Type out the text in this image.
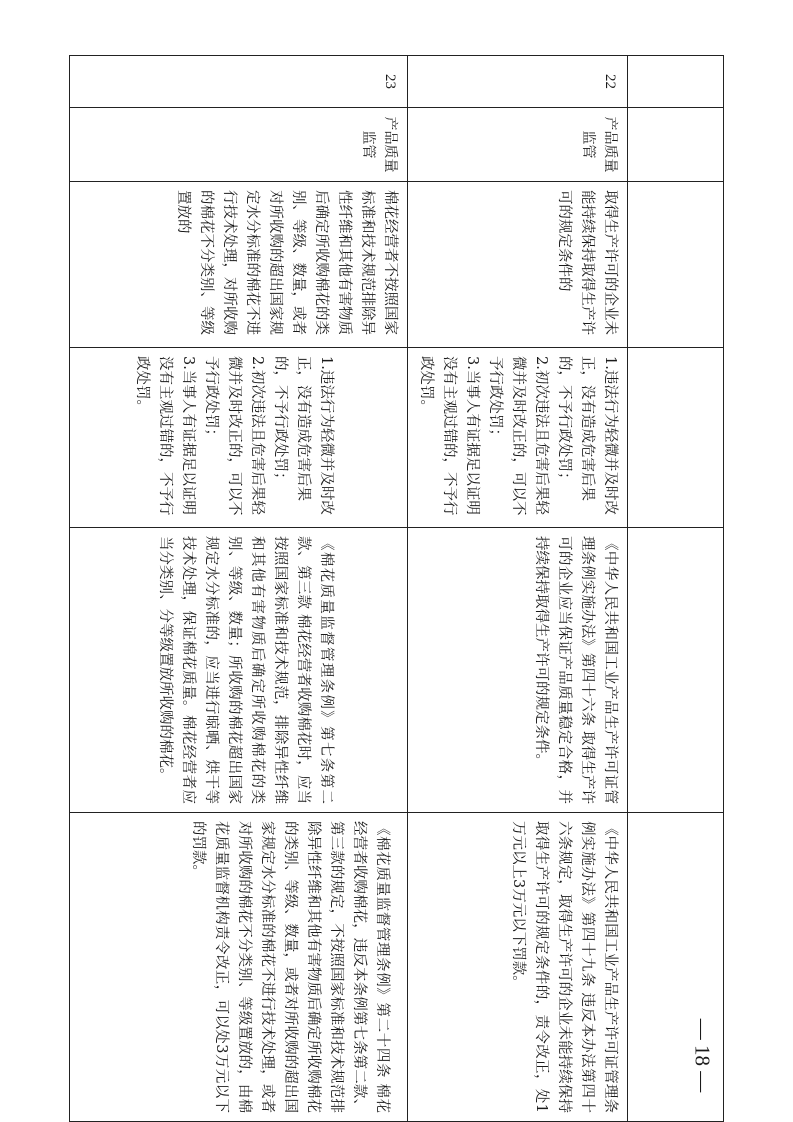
22	产品质量监管	取得生产许可的企业未能持续保持取得生产许可的规定条件的	1.违法行为轻微并及时改正，没有造成危害后果的，不予行政处罚；
2.初次违法且危害后果轻微并及时改正的，可以不予行政处罚；
3.当事人有证据足以证明没有主观过错的，不予行政处罚。	《中华人民共和国工业产品生产许可证管理条例实施办法》第四十六条 取得生产许可的企业应当保证产品质量稳定合格，并持续保持取得生产许可的规定条件。	《中华人民共和国工业产品生产许可证管理条例实施办法》第四十九条 违反本办法第四十六条规定，取得生产许可的企业未能持续保持取得生产许可的规定条件的，责令改正，处1万元以上3万元以下罚款。
23	产品质量监管	棉花经营者不按照国家标准和技术规范排除异性纤维和其他有害物质后确定所收购棉花的类别、等级、数量，或者对所收购的超出国家规定水分标准的棉花不进行技术处理，对所收购的棉花不分类别、等级置放的	1.违法行为轻微并及时改正，没有造成危害后果的，不予行政处罚；
2.初次违法且危害后果轻微并及时改正的，可以不予行政处罚；
3.当事人有证据足以证明没有主观过错的，不予行政处罚。	《棉花质量监督管理条例》第七条第二款、第三款 棉花经营者收购棉花时，应当按照国家标准和技术规范，排除异性纤维和其他有害物质后确定所收购棉花的类别、等级、数量；所收购的棉花超出国家规定水分标准的，应当进行晾晒、烘干等技术处理，保证棉花质量。棉花经营者应当分类别、分等级置放所收购的棉花。	《棉花质量监督管理条例》第二十四条 棉花经营者收购棉花，违反本条例第七条第二款、第三款的规定，不按照国家标准和技术规范排除异性纤维和其他有害物质后确定所收购棉花的类别、等级、数量，或者对所收购的超出国家规定水分标准的棉花不进行技术处理，或者对所收购的棉花不分类别、等级置放的，由棉花质量监督机构责令改正，可以处3万元以下的罚款。
— 18 —
